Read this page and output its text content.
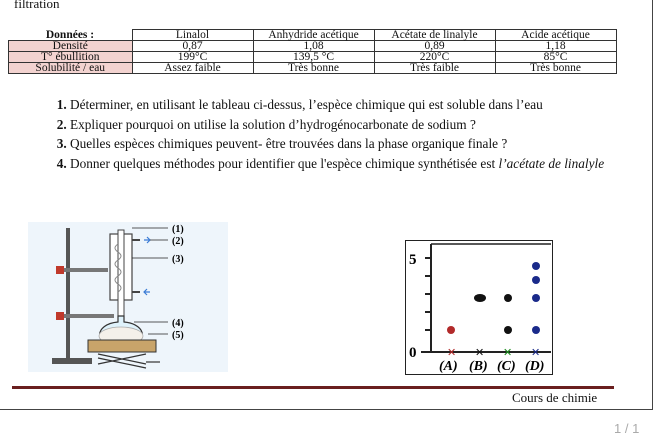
filtration
Données :	Linalol	Anhydride acétique	Acétate de linalyle	Acide acétique
Densité	0,87	1,08	0,89	1,18
T° ébullition	199°C	139,5 °C	220°C	85°C
Solubilité / eau	Assez faible	Très bonne	Très faible	Très bonne
1. Déterminer, en utilisant le tableau ci-dessus, l’espèce chimique qui est soluble dans l’eau
2. Expliquer pourquoi on utilise la solution d’hydrogénocarbonate de sodium ?
3. Quelles espèces chimiques peuvent- être trouvées dans la phase organique finale ?
4. Donner quelques méthodes pour identifier que l'espèce chimique synthétisée est l’acétate de linalyle
(1)
(2)
(3)
(4)
(5)
5
0	✕ ✕ ✕ ✕
(A) (B) (C) (D)
Cours de chimie
1 / 1
